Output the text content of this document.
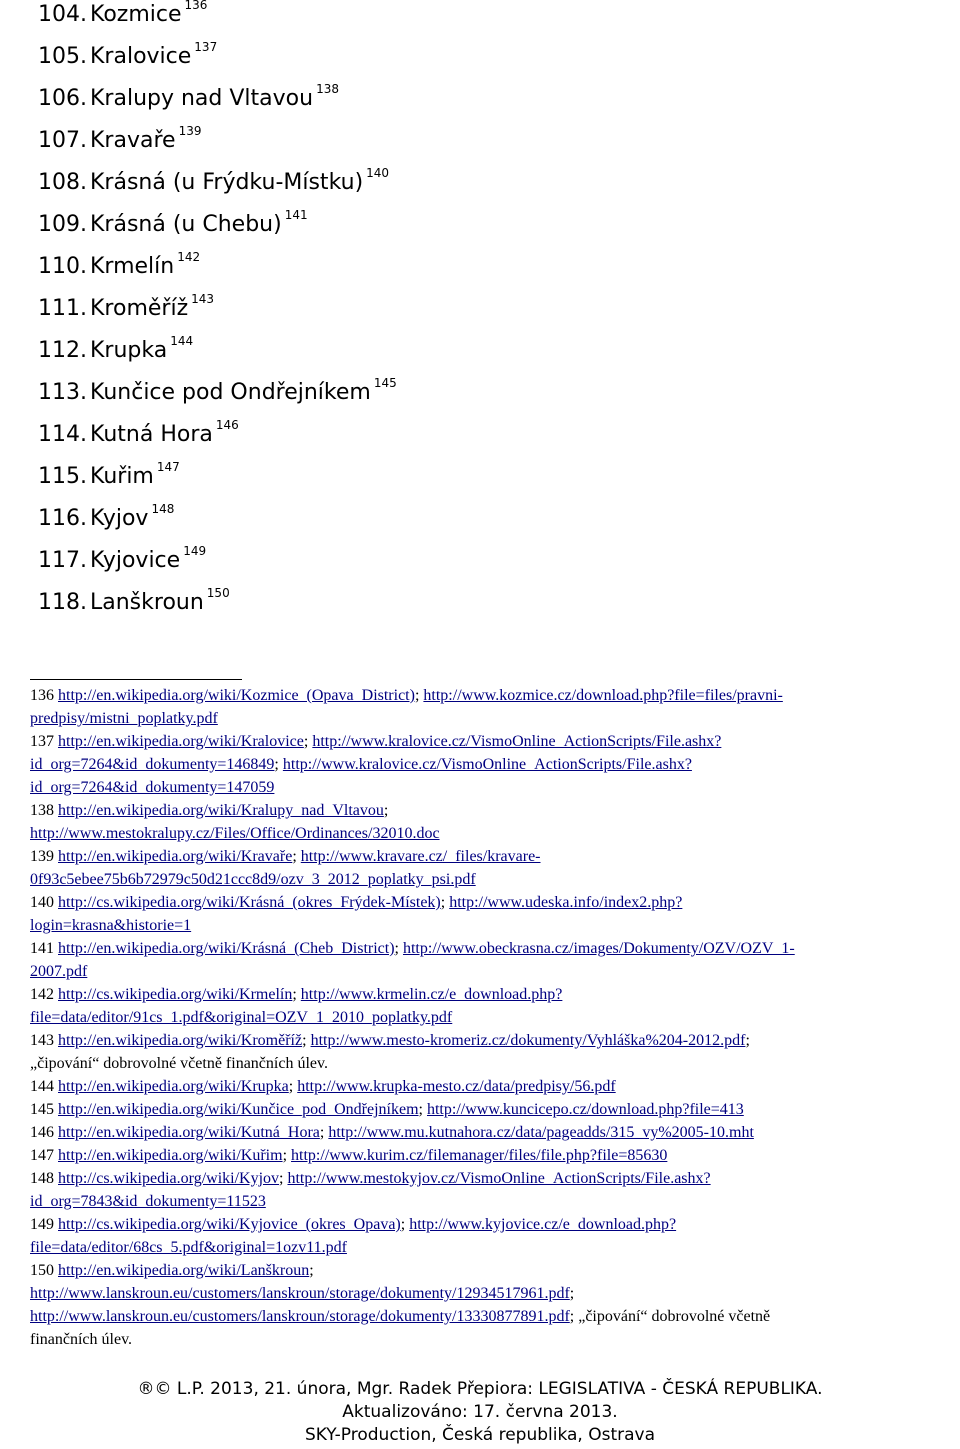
104. Kozmice $^{136}$
105. Kralovice $^{137}$
106. Kralupy nad Vltavou $^{138}$
107. Kravaře $^{139}$
108. Krásná (u Frýdku-Místku) $^{140}$
109. Krásná (u Chebu) $^{141}$
110. Krmelín $^{142}$
111. Kroměříž $^{143}$
112. Krupka $^{144}$
113. Kunčice pod Ondřejníkem $^{145}$
114. Kutná Hora $^{146}$
115. Kuřim $^{147}$
116. Kyjov $^{148}$
117. Kyjovice $^{149}$
118. Lanškroun $^{150}$
136 http://en.wikipedia.org/wiki/Kozmice_(Opava_District); http://www.kozmice.cz/download.php?file=files/pravni-
predpisy/mistni_poplatky.pdf
137 http://en.wikipedia.org/wiki/Kralovice; http://www.kralovice.cz/VismoOnline_ActionScripts/File.ashx?
id_org=7264&id_dokumenty=146849; http://www.kralovice.cz/VismoOnline_ActionScripts/File.ashx?
id_org=7264&id_dokumenty=147059
138 http://en.wikipedia.org/wiki/Kralupy_nad_Vltavou;
http://www.mestokralupy.cz/Files/Office/Ordinances/32010.doc
139 http://en.wikipedia.org/wiki/Kravaře; http://www.kravare.cz/_files/kravare-
0f93c5ebee75b6b72979c50d21ccc8d9/ozv_3_2012_poplatky_psi.pdf
140 http://cs.wikipedia.org/wiki/Krásná_(okres_Frýdek-Místek); http://www.udeska.info/index2.php?
login=krasna&historie=1
141 http://en.wikipedia.org/wiki/Krásná_(Cheb_District); http://www.obeckrasna.cz/images/Dokumenty/OZV/OZV_1-
2007.pdf
142 http://cs.wikipedia.org/wiki/Krmelín; http://www.krmelin.cz/e_download.php?
file=data/editor/91cs_1.pdf&original=OZV_1_2010_poplatky.pdf
143 http://en.wikipedia.org/wiki/Kroměříž; http://www.mesto-kromeriz.cz/dokumenty/Vyhláška%204-2012.pdf;
„čipování“ dobrovolné včetně finančních úlev.
144 http://en.wikipedia.org/wiki/Krupka; http://www.krupka-mesto.cz/data/predpisy/56.pdf
145 http://en.wikipedia.org/wiki/Kunčice_pod_Ondřejníkem; http://www.kuncicepo.cz/download.php?file=413
146 http://en.wikipedia.org/wiki/Kutná_Hora; http://www.mu.kutnahora.cz/data/pageadds/315_vy%2005-10.mht
147 http://en.wikipedia.org/wiki/Kuřim; http://www.kurim.cz/filemanager/files/file.php?file=85630
148 http://cs.wikipedia.org/wiki/Kyjov; http://www.mestokyjov.cz/VismoOnline_ActionScripts/File.ashx?
id_org=7843&id_dokumenty=11523
149 http://cs.wikipedia.org/wiki/Kyjovice_(okres_Opava); http://www.kyjovice.cz/e_download.php?
file=data/editor/68cs_5.pdf&original=1ozv11.pdf
150 http://en.wikipedia.org/wiki/Lanškroun;
http://www.lanskroun.eu/customers/lanskroun/storage/dokumenty/12934517961.pdf;
http://www.lanskroun.eu/customers/lanskroun/storage/dokumenty/13330877891.pdf; „čipování“ dobrovolné včetně
finančních úlev.
®© L.P. 2013, 21. února, Mgr. Radek Přepiora: LEGISLATIVA - ČESKÁ REPUBLIKA.
Aktualizováno: 17. června 2013.
SKY-Production, Česká republika, Ostrava
